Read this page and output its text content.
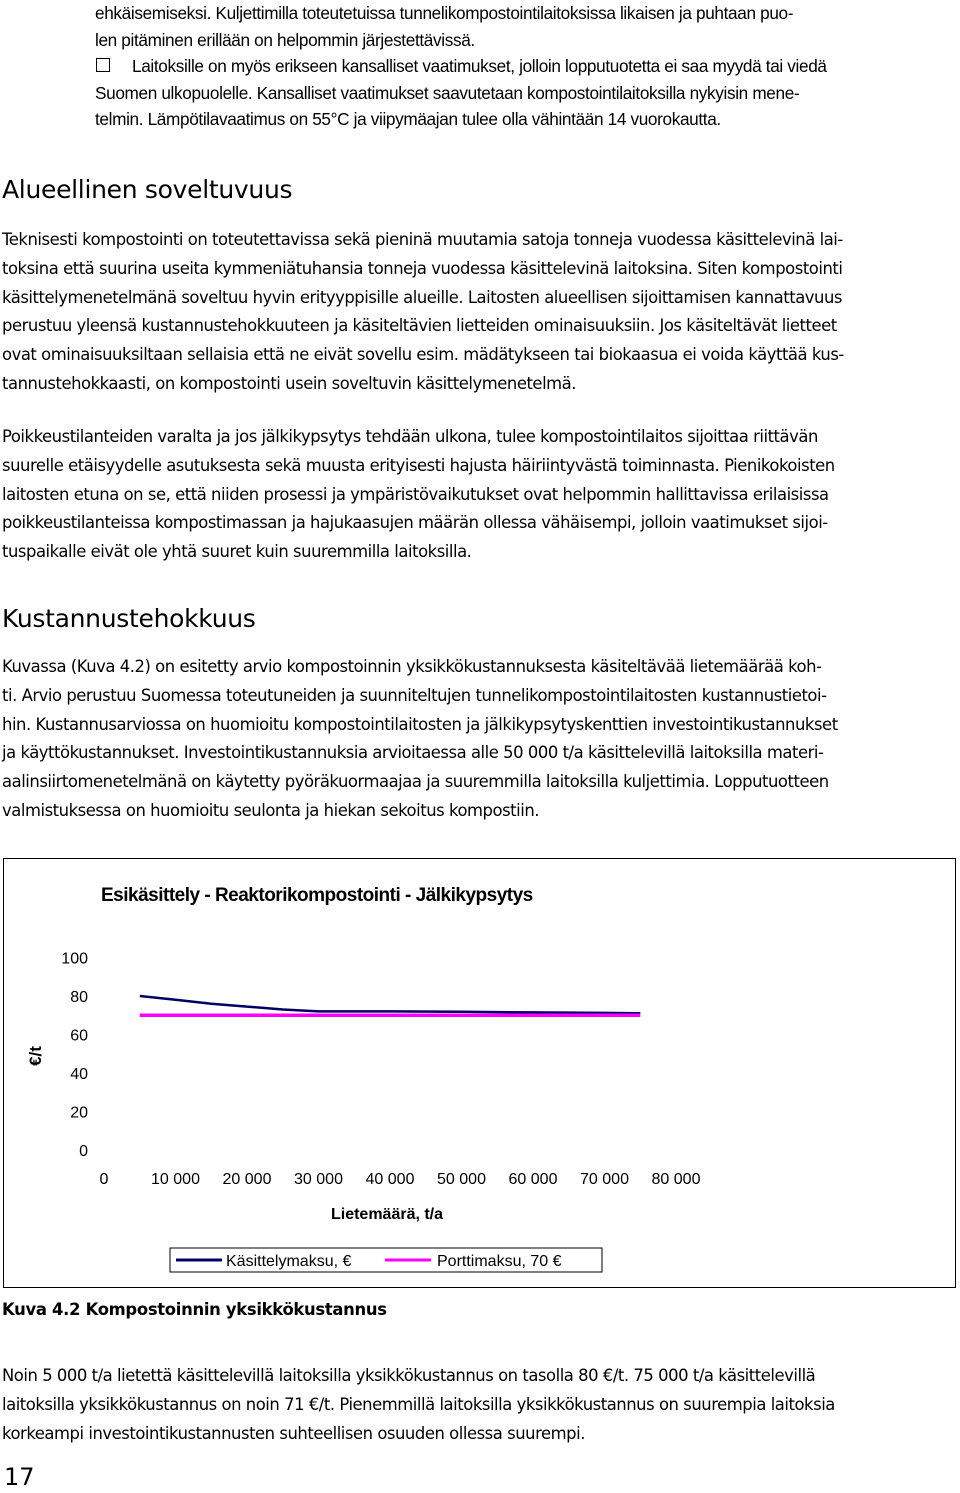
ehkäisemiseksi. Kuljettimilla toteutetuissa tunnelikompostointilaitoksissa likaisen ja puhtaan puo-

len pitäminen erillään on helpommin järjestettävissä.

Laitoksille on myös erikseen kansalliset vaatimukset, jolloin lopputuotetta ei saa myydä tai viedä

Suomen ulkopuolelle. Kansalliset vaatimukset saavutetaan kompostointilaitoksilla nykyisin mene-

telmin. Lämpötilavaatimus on 55°C ja viipymäajan tulee olla vähintään 14 vuorokautta.

Alueellinen soveltuvuus
Teknisesti kompostointi on toteutettavissa sekä pieninä muutamia satoja tonneja vuodessa käsittelevinä lai-
toksina että suurina useita kymmeniätuhansia tonneja vuodessa käsittelevinä laitoksina. Siten kompostointi
käsittelymenetelmänä soveltuu hyvin erityyppisille alueille. Laitosten alueellisen sijoittamisen kannattavuus
perustuu yleensä kustannustehokkuuteen ja käsiteltävien lietteiden ominaisuuksiin. Jos käsiteltävät lietteet
ovat ominaisuuksiltaan sellaisia että ne eivät sovellu esim. mädätykseen tai biokaasua ei voida käyttää kus-
tannustehokkaasti, on kompostointi usein soveltuvin käsittelymenetelmä.
Poikkeustilanteiden varalta ja jos jälkikypsytys tehdään ulkona, tulee kompostointilaitos sijoittaa riittävän
suurelle etäisyydelle asutuksesta sekä muusta erityisesti hajusta häiriintyvästä toiminnasta. Pienikokoisten
laitosten etuna on se, että niiden prosessi ja ympäristövaikutukset ovat helpommin hallittavissa erilaisissa
poikkeustilanteissa kompostimassan ja hajukaasujen määrän ollessa vähäisempi, jolloin vaatimukset sijoi-
tuspaikalle eivät ole yhtä suuret kuin suuremmilla laitoksilla.
Kustannustehokkuus
Kuvassa (Kuva 4.2) on esitetty arvio kompostoinnin yksikkökustannuksesta käsiteltävää lietemäärää koh-
ti. Arvio perustuu Suomessa toteutuneiden ja suunniteltujen tunnelikompostointilaitosten kustannustietoi-
hin. Kustannusarviossa on huomioitu kompostointilaitosten ja jälkikypsytyskenttien investointikustannukset
ja käyttökustannukset. Investointikustannuksia arvioitaessa alle 50 000 t/a käsittelevillä laitoksilla materi-
aalinsiirtomenetelmänä on käytetty pyöräkuormaajaa ja suuremmilla laitoksilla kuljettimia. Lopputuotteen
valmistuksessa on huomioitu seulonta ja hiekan sekoitus kompostiin.
Esikäsittely - Reaktorikompostointi - Jälkikypsytys
100
80
60
40
20
0
0	10 000 20 000 30 000 40 000 50 000 60 000 70 000 80 000
€/t
Lietemäärä, t/a
Käsittelymaksu, €	Porttimaksu, 70 €
Kuva 4.2 Kompostoinnin yksikkökustannus
Noin 5 000 t/a lietettä käsittelevillä laitoksilla yksikkökustannus on tasolla 80 €/t. 75 000 t/a käsittelevillä
laitoksilla yksikkökustannus on noin 71 €/t. Pienemmillä laitoksilla yksikkökustannus on suurempia laitoksia
korkeampi investointikustannusten suhteellisen osuuden ollessa suurempi.
17
